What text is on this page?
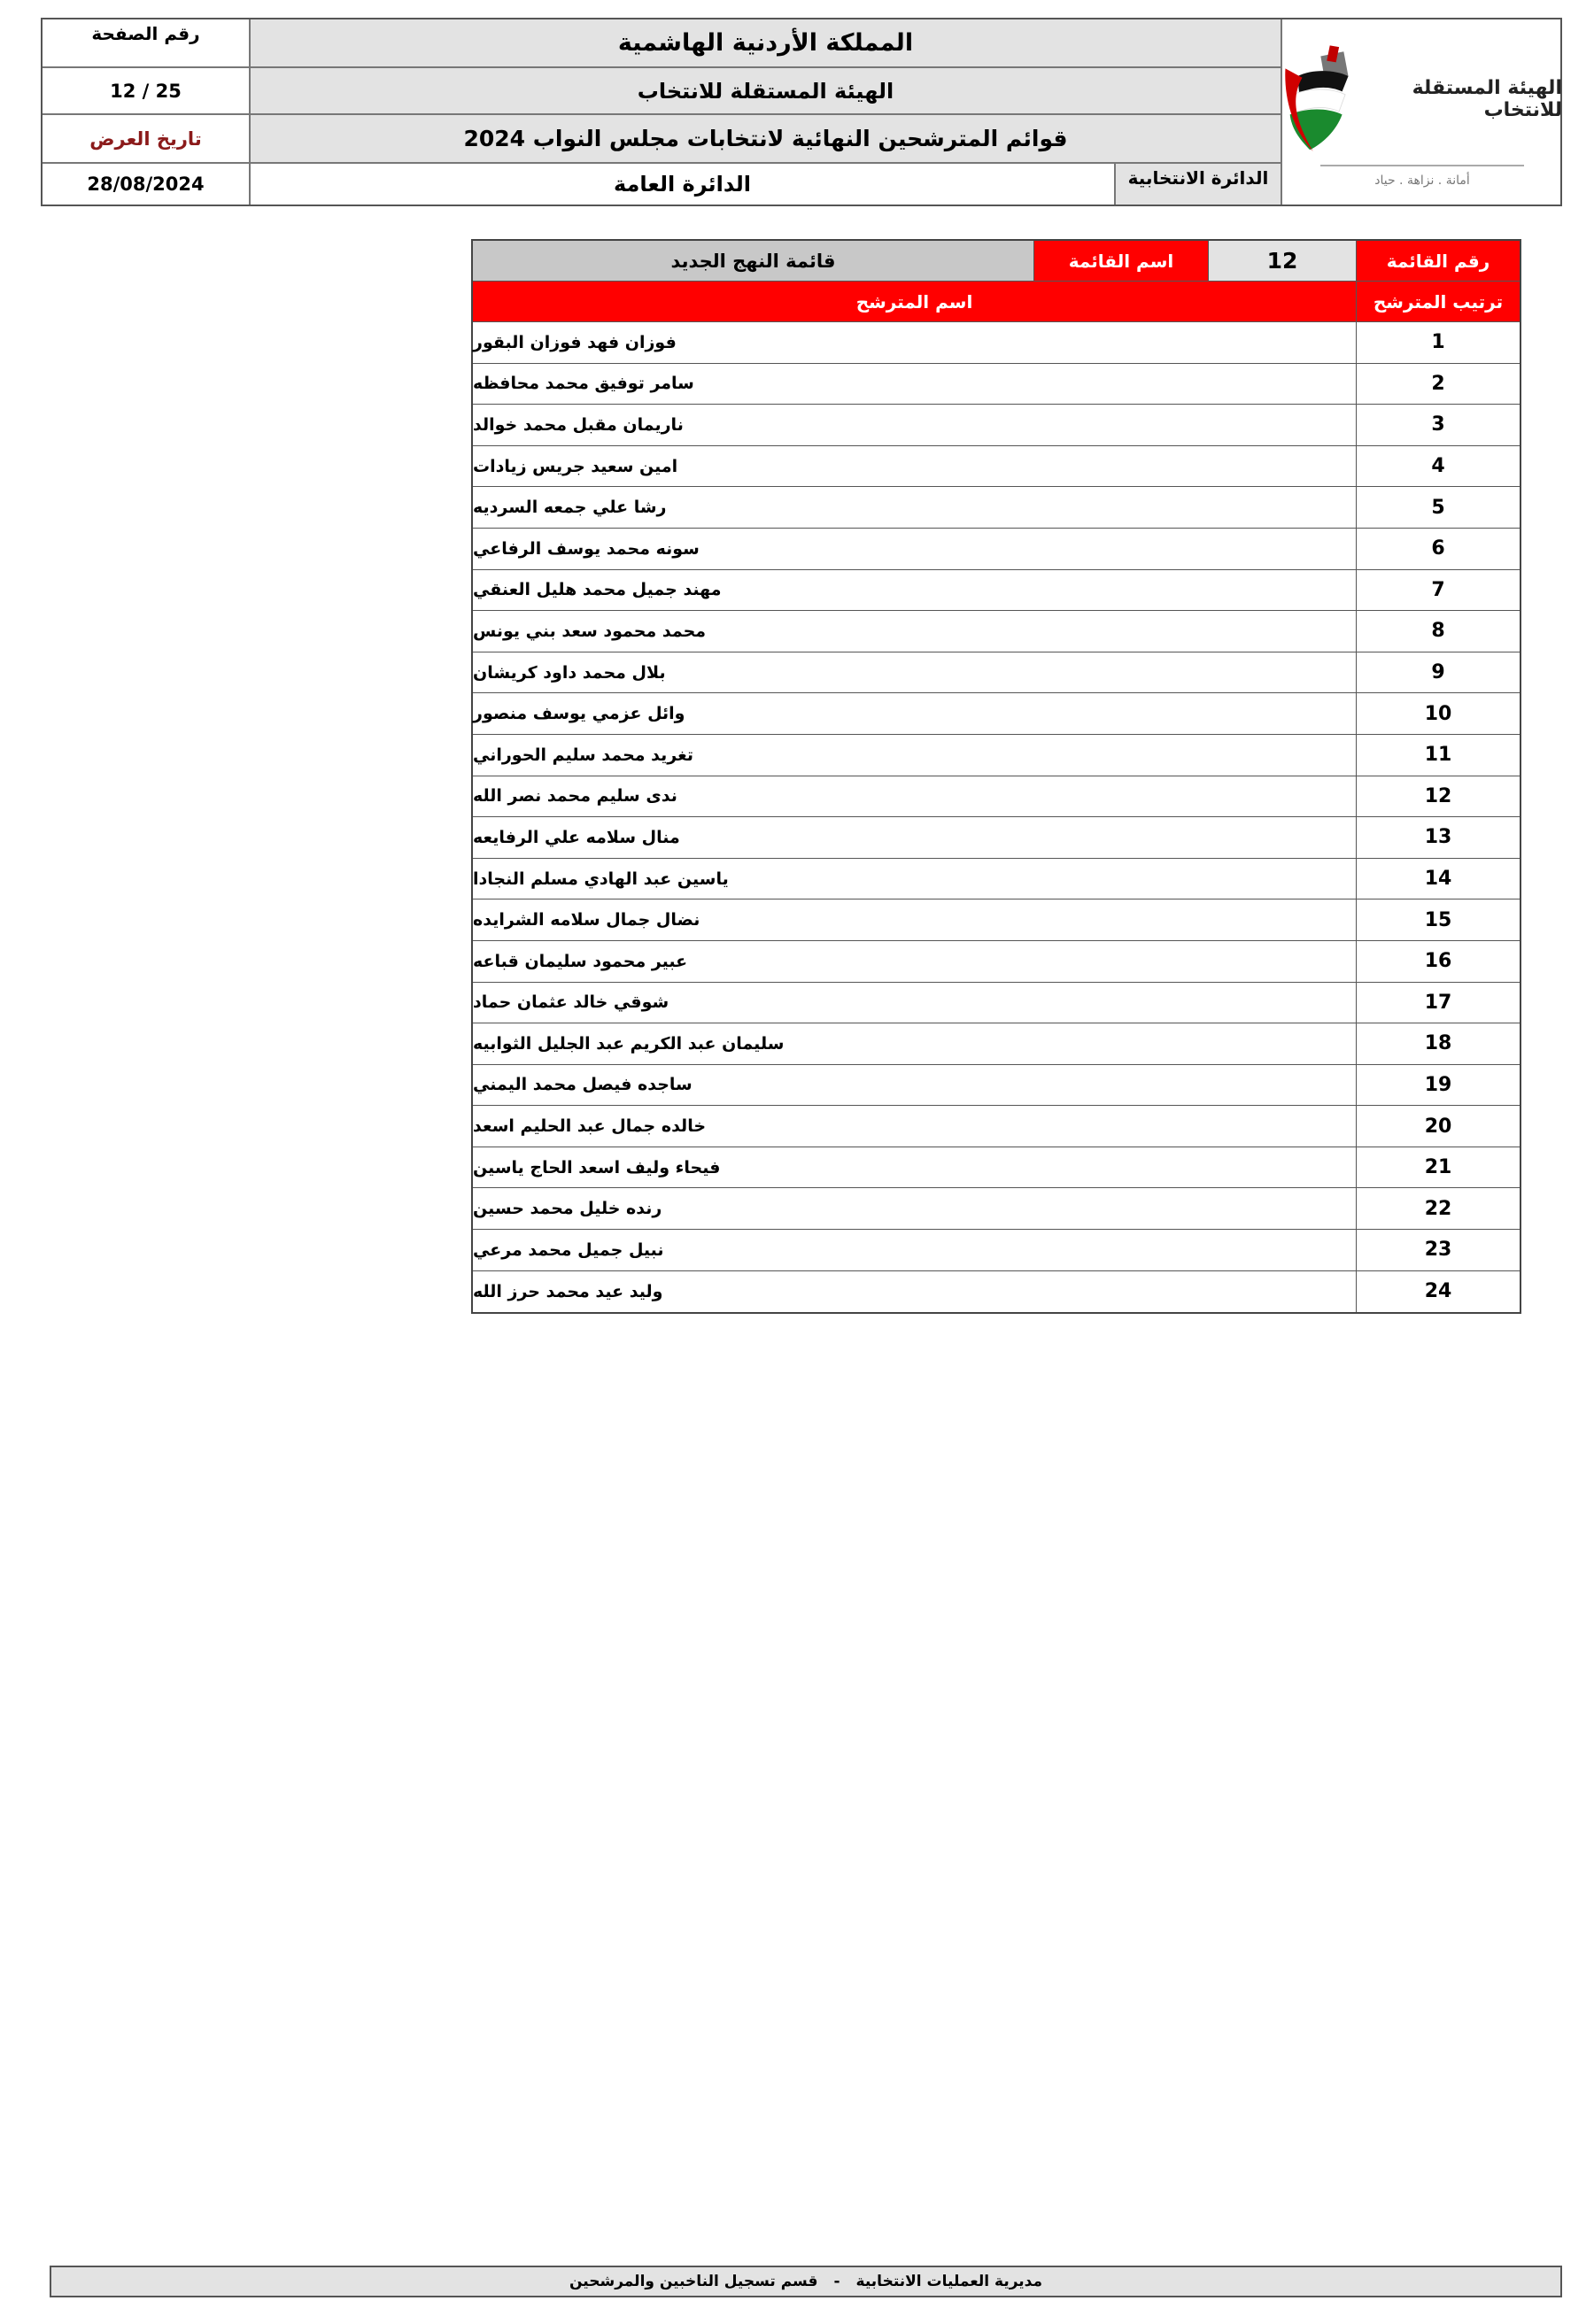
رقم الصفحة
12 / 25
تاريخ العرض
28/08/2024
المملكة الأردنية الهاشمية
الهيئة المستقلة للانتخاب
قوائم المترشحين النهائية لانتخابات مجلس النواب 2024
الدائرة العامة	الدائرة الانتخابية
الهيئة المستقلة للانتخاب
أمانة . نزاهة . حياد
قائمة النهج الجديد	اسم القائمة	12	رقم القائمة
اسم المترشح	ترتيب المترشح
فوزان فهد فوزان البقور	1
سامر توفيق محمد محافظه	2
ناريمان مقبل محمد خوالد	3
امين سعيد جريس زيادات	4
رشا علي جمعه السرديه	5
سونه محمد يوسف الرفاعي	6
مهند جميل محمد هليل العنقي	7
محمد محمود سعد بني يونس	8
بلال محمد داود كريشان	9
وائل عزمي يوسف منصور	10
تغريد محمد سليم الحوراني	11
ندى سليم محمد نصر الله	12
منال سلامه علي الرفايعه	13
ياسين عبد الهادي مسلم النجادا	14
نضال جمال سلامه الشرايده	15
عبير محمود سليمان قباعه	16
شوقي خالد عثمان حماد	17
سليمان عبد الكريم عبد الجليل الثوابيه	18
ساجده فيصل محمد اليمني	19
خالده جمال عبد الحليم اسعد	20
فيحاء وليف اسعد الحاج ياسين	21
رنده خليل محمد حسين	22
نبيل جميل محمد مرعي	23
وليد عيد محمد حرز الله	24
مديرية العمليات الانتخابية
-
قسم تسجيل الناخبين والمرشحين
